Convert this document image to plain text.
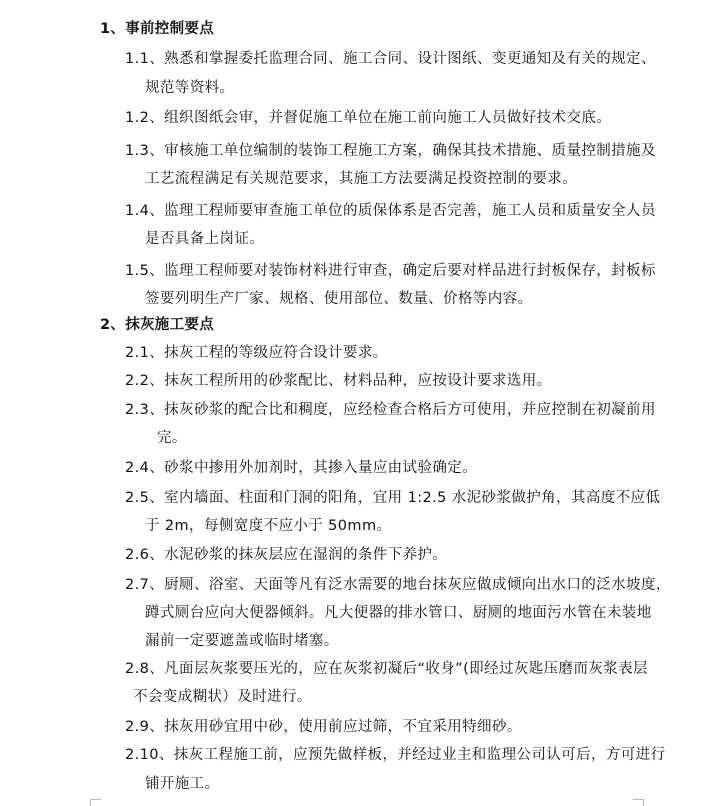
1、事前控制要点
1.1、熟悉和掌握委托监理合同、施工合同、设计图纸、变更通知及有关的规定、
规范等资料。
1.2、组织图纸会审，并督促施工单位在施工前向施工人员做好技术交底。
1.3、审核施工单位编制的装饰工程施工方案，确保其技术措施、质量控制措施及
工艺流程满足有关规范要求，其施工方法要满足投资控制的要求。
1.4、监理工程师要审查施工单位的质保体系是否完善，施工人员和质量安全人员
是否具备上岗证。
1.5、监理工程师要对装饰材料进行审查，确定后要对样品进行封板保存，封板标
签要列明生产厂家、规格、使用部位、数量、价格等内容。
2、抹灰施工要点
2.1、抹灰工程的等级应符合设计要求。
2.2、抹灰工程所用的砂浆配比、材料品种，应按设计要求选用。
2.3、抹灰砂浆的配合比和稠度，应经检查合格后方可使用，并应控制在初凝前用
完。
2.4、砂浆中掺用外加剂时，其掺入量应由试验确定。
2.5、室内墙面、柱面和门洞的阳角，宜用 1:2.5 水泥砂浆做护角，其高度不应低
于 2m，每侧宽度不应小于 50mm。
2.6、水泥砂浆的抹灰层应在湿润的条件下养护。
2.7、厨厕、浴室、天面等凡有泛水需要的地台抹灰应做成倾向出水口的泛水坡度，
蹲式厕台应向大便器倾斜。凡大便器的排水管口、厨厕的地面污水管在未装地
漏前一定要遮盖或临时堵塞。
2.8、凡面层灰浆要压光的，应在灰浆初凝后“收身”(即经过灰匙压磨而灰浆表层
不会变成糊状）及时进行。
2.9、抹灰用砂宜用中砂，使用前应过筛，不宜采用特细砂。
2.10、抹灰工程施工前，应预先做样板，并经过业主和监理公司认可后，方可进行
铺开施工。
